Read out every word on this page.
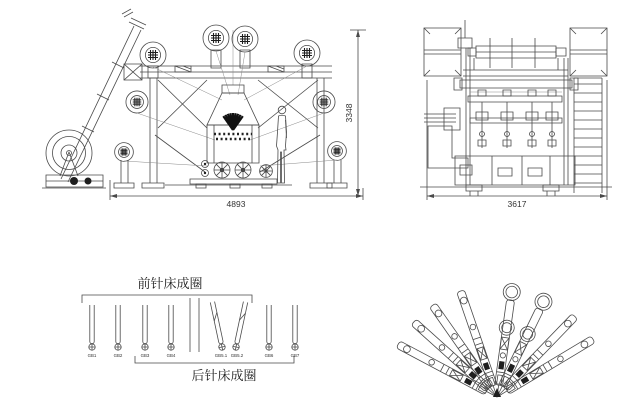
4893
3348
3617
前针床成圈
GB1	GB2	GB3	GB4	GB5.1 GB5.2	GB6	GB7
后针床成圈
